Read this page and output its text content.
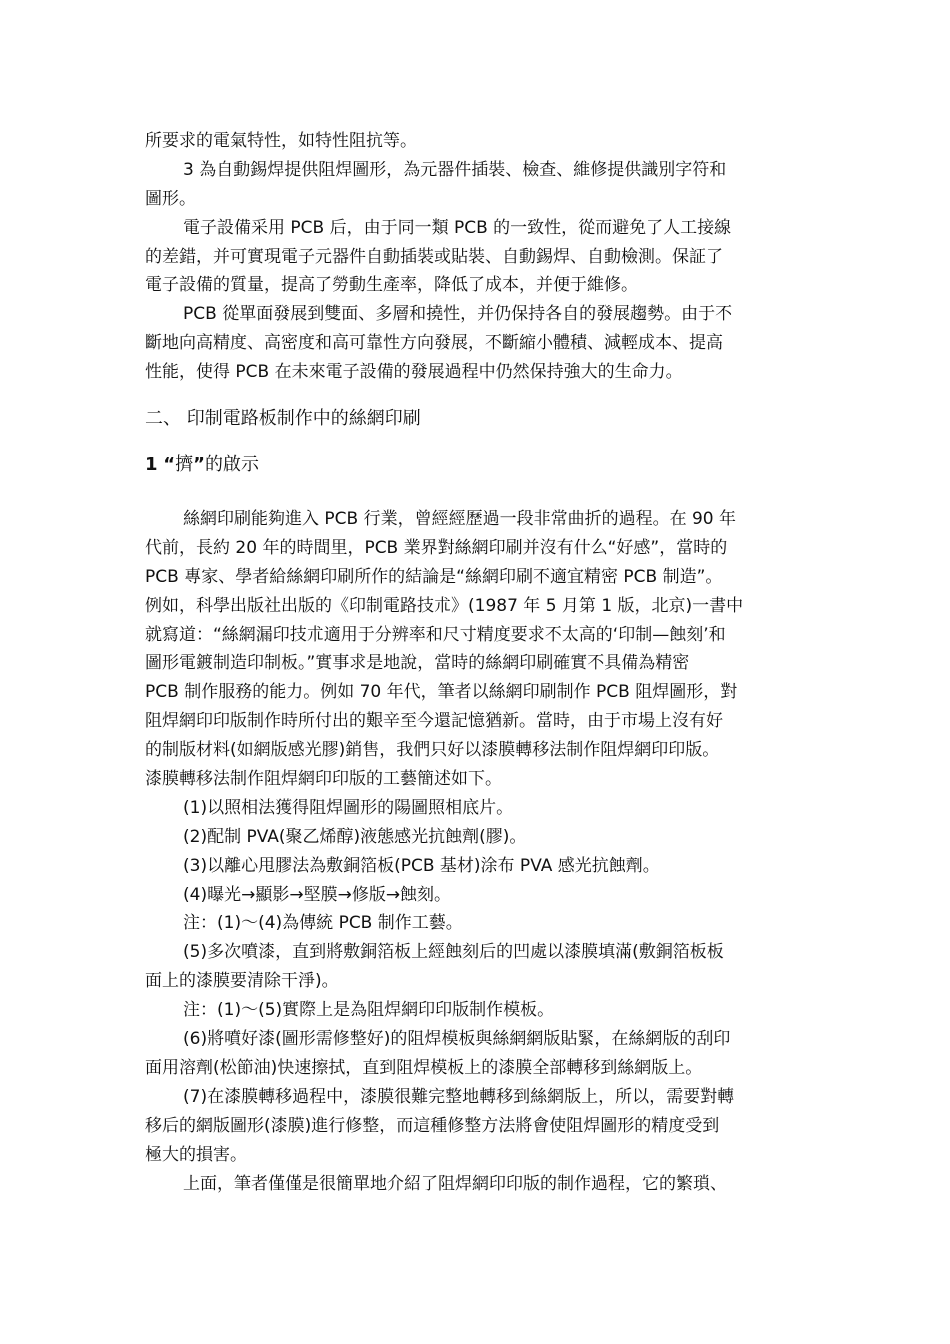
所要求的電氣特性，如特性阻抗等。
3 為自動錫焊提供阻焊圖形，為元器件插裝、檢查、維修提供識別字符和
圖形。
電子設備采用 PCB 后，由于同一類 PCB 的一致性，從而避免了人工接線
的差錯，并可實現電子元器件自動插裝或貼裝、自動錫焊、自動檢測。保証了
電子設備的質量，提高了勞動生產率，降低了成本，并便于維修。
PCB 從單面發展到雙面、多層和撓性，并仍保持各自的發展趨勢。由于不
斷地向高精度、高密度和高可靠性方向發展，不斷縮小體積、減輕成本、提高
性能，使得 PCB 在未來電子設備的發展過程中仍然保持強大的生命力。
二、 印制電路板制作中的絲網印刷
1 “擠”的啟示
絲網印刷能夠進入 PCB 行業，曾經經歷過一段非常曲折的過程。在 90 年
代前，長約 20 年的時間里，PCB 業界對絲網印刷并沒有什么“好感”，當時的
PCB 專家、學者給絲網印刷所作的結論是“絲網印刷不適宜精密 PCB 制造”。
例如，科學出版社出版的《印制電路技朮》(1987 年 5 月第 1 版，北京)一書中
就寫道：“絲網漏印技朮適用于分辨率和尺寸精度要求不太高的‘印制—蝕刻’和
圖形電鍍制造印制板。”實事求是地說，當時的絲網印刷確實不具備為精密
PCB 制作服務的能力。例如 70 年代，筆者以絲網印刷制作 PCB 阻焊圖形，對
阻焊網印印版制作時所付出的艱辛至今還記憶猶新。當時，由于市場上沒有好
的制版材料(如網版感光膠)銷售，我們只好以漆膜轉移法制作阻焊網印印版。
漆膜轉移法制作阻焊網印印版的工藝簡述如下。
(1)以照相法獲得阻焊圖形的陽圖照相底片。
(2)配制 PVA(聚乙烯醇)液態感光抗蝕劑(膠)。
(3)以離心甩膠法為敷銅箔板(PCB 基材)涂布 PVA 感光抗蝕劑。
(4)曝光→顯影→堅膜→修版→蝕刻。
注：(1)～(4)為傳統 PCB 制作工藝。
(5)多次噴漆，直到將敷銅箔板上經蝕刻后的凹處以漆膜填滿(敷銅箔板板
面上的漆膜要清除干淨)。
注：(1)～(5)實際上是為阻焊網印印版制作模板。
(6)將噴好漆(圖形需修整好)的阻焊模板與絲網網版貼緊，在絲網版的刮印
面用溶劑(松節油)快速擦拭，直到阻焊模板上的漆膜全部轉移到絲網版上。
(7)在漆膜轉移過程中，漆膜很難完整地轉移到絲網版上，所以，需要對轉
移后的網版圖形(漆膜)進行修整，而這種修整方法將會使阻焊圖形的精度受到
極大的損害。
上面，筆者僅僅是很簡單地介紹了阻焊網印印版的制作過程，它的繁瑣、
